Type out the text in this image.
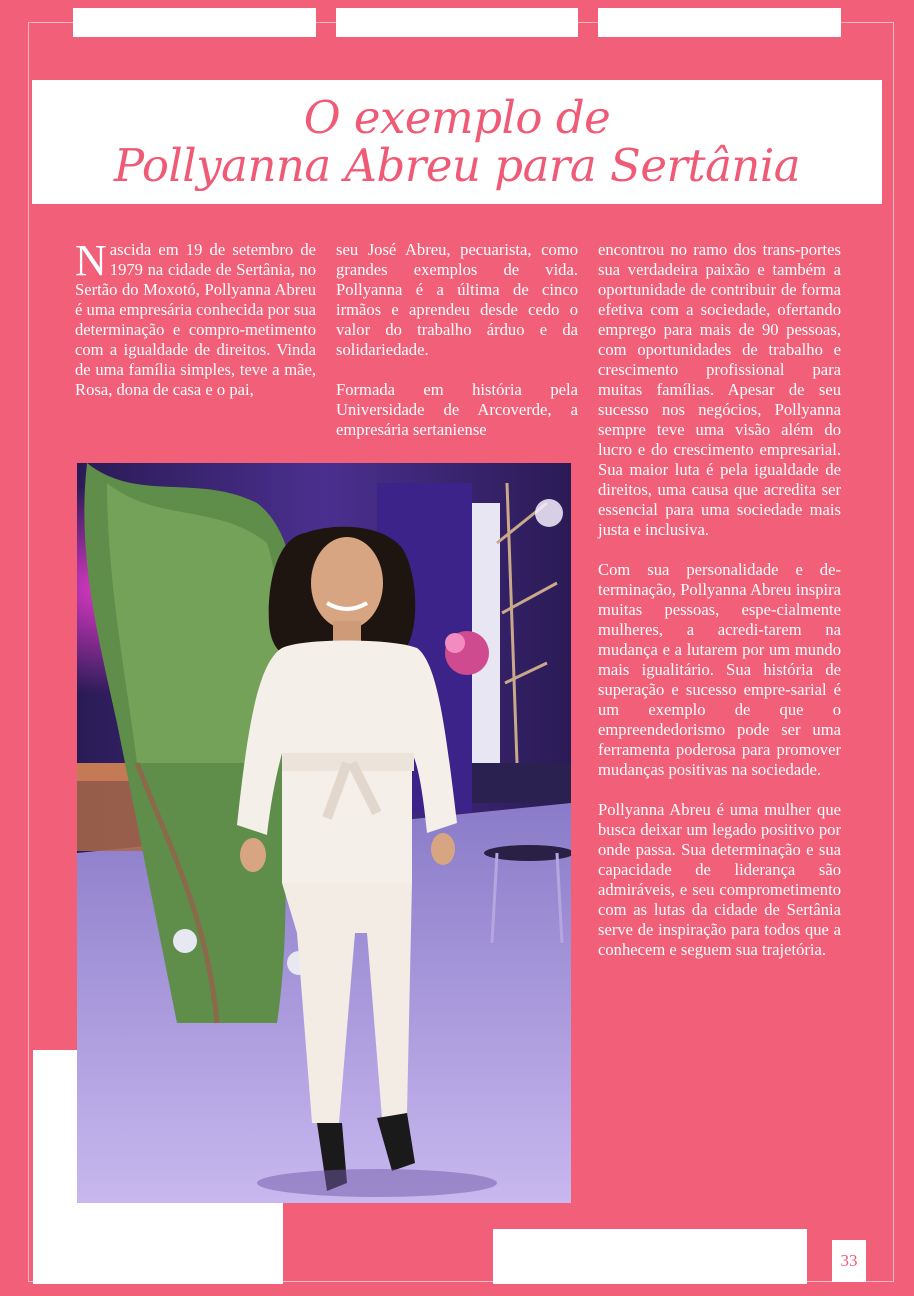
O exemplo de
Pollyanna Abreu para Sertânia

Nascida em 19 de setembro de 1979 na cidade de Sertânia, no Sertão do Moxotó, Pollyanna Abreu é uma empresária conhecida por sua determinação e compro-metimento com a igualdade de direitos. Vinda de uma família simples, teve a mãe, Rosa, dona de casa e o pai,

seu José Abreu, pecuarista, como grandes exemplos de vida. Pollyanna é a última de cinco irmãos e aprendeu desde cedo o valor do trabalho árduo e da solidariedade.

Formada em história pela Universidade de Arcoverde, a empresária sertaniense

encontrou no ramo dos trans-portes sua verdadeira paixão e também a oportunidade de contribuir de forma efetiva com a sociedade, ofertando emprego para mais de 90 pessoas, com oportunidades de trabalho e crescimento profissional para muitas famílias. Apesar de seu sucesso nos negócios, Pollyanna sempre teve uma visão além do lucro e do crescimento empresarial. Sua maior luta é pela igualdade de direitos, uma causa que acredita ser essencial para uma sociedade mais justa e inclusiva.

Com sua personalidade e de-terminação, Pollyanna Abreu inspira muitas pessoas, espe-cialmente mulheres, a acredi-tarem na mudança e a lutarem por um mundo mais igualitário. Sua história de superação e sucesso empre-sarial é um exemplo de que o empreendedorismo pode ser uma ferramenta poderosa para promover mudanças positivas na sociedade.

Pollyanna Abreu é uma mulher que busca deixar um legado positivo por onde passa. Sua determinação e sua capacidade de liderança são admiráveis, e seu comprometimento com as lutas da cidade de Sertânia serve de inspiração para todos que a conhecem e seguem sua trajetória.

33
